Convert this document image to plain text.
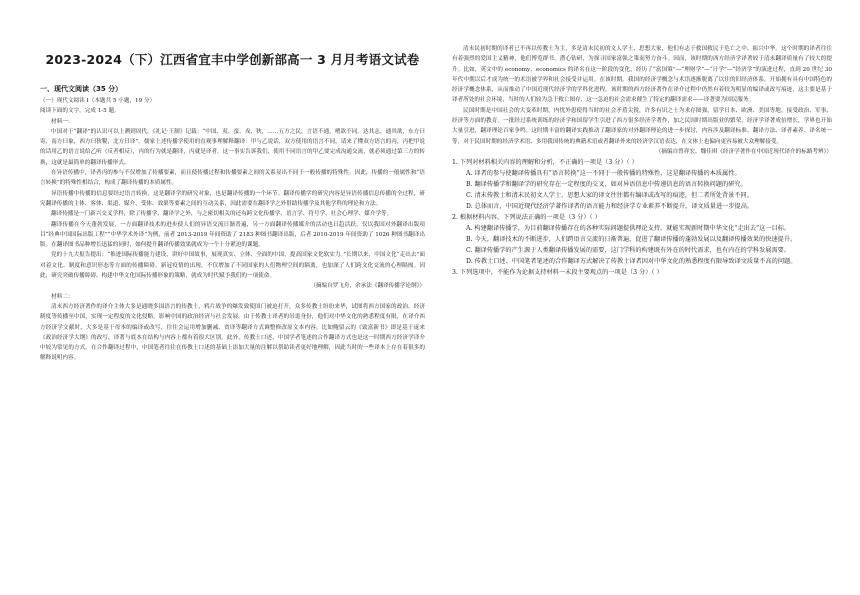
2023-2024（下）江西省宜丰中学创新部高一 3 月月考语文试卷
一、现代文阅读（35 分）
（一）现代文阅读 I（本题共 5 小题，19 分）
阅读下面的文字，完成 1-5 题。
材料一：

中国对于“翻译”的认识可以上溯到周代。《礼记·王制》记载：“中国、夷、蛮、戎、狄，……五方之民，言语不通，嗜欲不同。达其志，通其欲，东方曰寄，南方曰象，西方曰狄鞮，北方曰译”。儒家上述传播学使用的直观事理解释翻译：甲与乙说话，双方使用的语言不同，请来了懂双方语言的丙，丙把甲说的话用乙的语言说给乙听（反者相反），丙的行为就是翻译，丙就是译者。这一事实告诉我们，使用不同语言的甲乙要完成沟通交流，就必须通过第三方的转换，这就是最简单的翻译传播形式。

在异语传播中，译者丙的参与不仅增加了传播要素，而且使传播过程和传播要素之间的关系显出不同于一般传播的特殊性。因此，传播的一般属性和“语言转换”的特殊性相结合，构成了翻译传播的本质属性。

异语传播中传播的信息要经过语言转换，这是翻译学的研究对象，也是翻译传播的一个环节。翻译传播学的研究内容是异语传播信息传播的全过程，研究翻译传播的主体、客体、渠道、媒介、受体、效果等要素之间的互动关系，因此需要在翻译学之外借助传播学及其他学科的理论和方法。

翻译传播是一门新兴交叉学科，除了传播学、翻译学之外，与之密切相关的还有跨文化传播学、语言学、符号学、社会心理学、媒介学等。

翻译传播在今天蓬勃发展，一方面翻译技术的进步使人们的异语交流日渐普遍，另一方面翻译传播媒介的活动也日趋活跃。仅以我国对外翻译出版项目“经典中国国际出版工程”“中华学术外译”为例，前者 2013-2019 年间资助了 2183 种图书翻译出版，后者 2010-2019 年间资助了 1026 种图书翻译出版。在翻译图书品种增长迅猛的同时，如何提升翻译传播效果就成为一个十分紧迫的课题。

党的十九大报告提出：“推进国际传播能力建设，讲好中国故事，展现真实、立体、全面的中国，提高国家文化软实力。”长期以来，中国文化“走出去”面对着文化、制度和意识形态等方面的传播障碍。新冠疫情的出现，不仅增加了不同国家的人们物理空间的隔离，也加深了人们跨文化交流的心理隔阂。因此，研究突破传播障碍、构建中华文化国际传播形象的策略，就成为时代赋予我们的一项使命。

（摘编自罗飞舟，余承法《翻译传播学论纲》）

材料二：

清末西方经济著作的译介主体大多是通晓多国语言的传教士，鸦片战争的爆发致使国门被迫打开，众多传教士纷纷来华，试图将西方国家的政治、经济制度等传播至中国，实现一定程度的文化侵略，影响中国的政治经济与社会发展。由于传教士译者的吊诡身份，他们对中华文化的熟悉程度有限，在译介西方经济学文献时，大多是基于母本的编译或改写，往往会运用增加删减、省译等翻译方式调整修改原文本内容。比如鲍留云的《致富新书》即是基于庞来《政治经济学大纲》的改写，译著与底本在结构与内容上都有着很大区别。此外，传教士口述、中国学者笔述的合作翻译方式也是这一时期西方经济学译介中较为常见的方式。在合作翻译过程中，中国笔者往往在传教士口述的基础上添加大量的注解以帮助读者更好地理解，因此当时的一些译本上存在着很多的解释说明内容。

清末民初时期的译者已不再以传教士为主，多是清末民初的文人学士、思想大家，他们有志于救国救民于危亡之中、振兴中华。这个时期的译者往往有着强烈的爱国主义精神，他们博览群书，潜心钻研，为探寻国家富强之策而努力奋斗。因而，该时期的西方经济学译著较于清末翻译质量有了较大的提升。比如，英文中的 economy、economics 的译名在这一阶段的变化，经历了“富国策”—“理财学”—“计学”—“经济学”的演进过程，直到 20 世纪 30 年代中期以后才成为统一的术语被学界和社会接受并运用。在该时期，我国的经济学概念与术语逐渐脱离了以往的旧经济体系，开始拥有具有中国特色的经济学概念体系，从而推动了中国近现代经济学的学科化进程。该时期的西方经济著作在译介过程中仍然有着较为明显的编译或改写痕迹，这主要是基于译者所处的社会环境，当时的人们较为急于救亡图存，这一急迫的社会需求催生了特定的翻译需求——译著要为国民服务。

民国时期是中国社会的大变革时期，内忧外患使得当时的社会矛盾尖锐，许多有识之士为求存图强，留学日本、欧洲、美国等地，接受政治、军事、经济等方面的教育。一批经过系统训练的经济学和国留学生引进了西方很多经济学著作，加之民国时期出版业的繁荣，经济学译著成倍增长，学界也开始大量引进，翻译理论百家争鸣。这时期丰富的翻译实践推动了翻译家的对外翻译理论的进一步探讨，内容涉及翻译标准、翻译方法、译者素养、译名统一等，对于民国时期的经济学术语、多用我国传统的典籍术语或者翻译外来的经济学汉语表达，在文体上也偏向更容易被大众理解接受。

（摘编自曾祥宏、魏佳琪《经济学著作在中国近现代译介的标路考辨》）

1. 下列对材料相关内容的理解和分析，不正确的一项是（3 分）（ ）

A. 译者的参与使翻译传播具有“语言转换”这一不同于一般传播的特殊性，这是翻译传播的本质属性。

B. 翻译传播学和翻译学的研究存在一定程度的交叉，如对异语信息中传递信息的语言转换问题的研究。

C. 清末传教士和清末民初文人学士、思想大家的译文往往都有编译或改写的痕迹，但二者所处背景不同。

D. 总体而言，中国近现代经济学著作译者的语言能力和经济学专业素养不断提升，译文质量进一步提高。

2. 根据材料内容，下列说法正确的一项是（3 分）（ ）

A. 构建翻译传播学，为目前翻译传播存在的各种实际问题提供理论支持，就能实现新时期中华文化“走出去”这一目标。

B. 今天，翻译技术的不断进步，人们跨语言交流的日渐普遍，促进了翻译传播的蓬勃发展以及翻译传播效果的快速提升。

C. 翻译传播学的产生源于人类翻译传播发展的需要，这门学科的构建既有外在的时代需求，也有内在的学科发展需要。

D. 传教士口述、中国笔者笔述的合作翻译方式解决了传教士译者因对中华文化的熟悉程度有限导致译文质量不高的问题。

3. 下列选项中，不能作为论据支持材料一末段主要观点的一项是（3 分）（ ）
